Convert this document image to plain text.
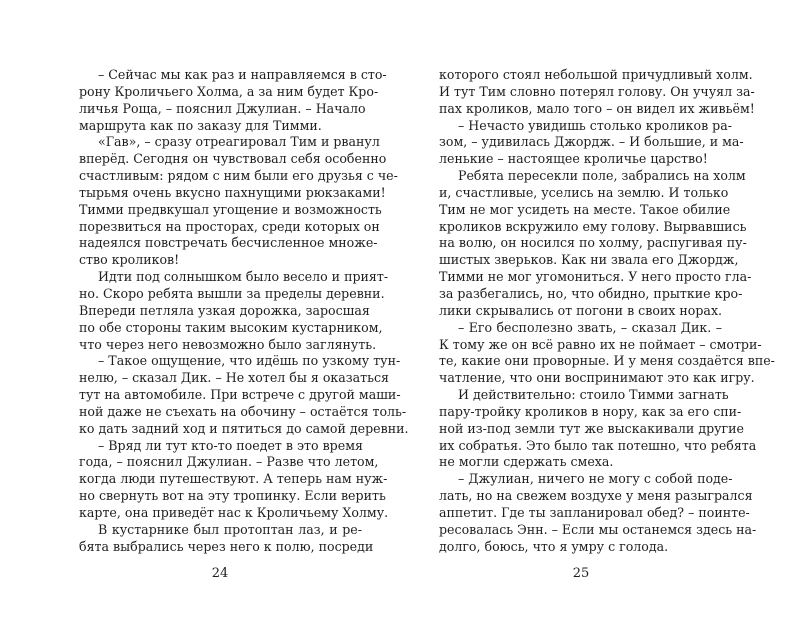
– Сейчас мы как раз и направляемся в сто-
рону Кроличьего Холма, а за ним будет Кро-
личья Роща, – пояснил Джулиан. – Начало
маршрута как по заказу для Тимми.
«Гав», – сразу отреагировал Тим и рванул
вперёд. Сегодня он чувствовал себя особенно
счастливым: рядом с ним были его друзья с че-
тырьмя очень вкусно пахнущими рюкзаками!
Тимми предвкушал угощение и возможность
порезвиться на просторах, среди которых он
надеялся повстречать бесчисленное множе-
ство кроликов!
Идти под солнышком было весело и прият-
но. Скоро ребята вышли за пределы деревни.
Впереди петляла узкая дорожка, заросшая
по обе стороны таким высоким кустарником,
что через него невозможно было заглянуть.
– Такое ощущение, что идёшь по узкому тун-
нелю, – сказал Дик. – Не хотел бы я оказаться
тут на автомобиле. При встрече с другой маши-
ной даже не съехать на обочину – остаётся толь-
ко дать задний ход и пятиться до самой деревни.
– Вряд ли тут кто-то поедет в это время
года, – пояснил Джулиан. – Разве что летом,
когда люди путешествуют. А теперь нам нуж-
но свернуть вот на эту тропинку. Если верить
карте, она приведёт нас к Кроличьему Холму.
В кустарнике был протоптан лаз, и ре-
бята выбрались через него к полю, посреди
которого стоял небольшой причудливый холм.
И тут Тим словно потерял голову. Он учуял за-
пах кроликов, мало того – он видел их живьём!
– Нечасто увидишь столько кроликов ра-
зом, – удивилась Джордж. – И большие, и ма-
ленькие – настоящее кроличье царство!
Ребята пересекли поле, забрались на холм
и, счастливые, уселись на землю. И только
Тим не мог усидеть на месте. Такое обилие
кроликов вскружило ему голову. Вырвавшись
на волю, он носился по холму, распугивая пу-
шистых зверьков. Как ни звала его Джордж,
Тимми не мог угомониться. У него просто гла-
за разбегались, но, что обидно, прыткие кро-
лики скрывались от погони в своих норах.
– Его бесполезно звать, – сказал Дик. –
К тому же он всё равно их не поймает – смотри-
те, какие они проворные. И у меня создаётся впе-
чатление, что они воспринимают это как игру.
И действительно: стоило Тимми загнать
пару-тройку кроликов в нору, как за его спи-
ной из-под земли тут же выскакивали другие
их собратья. Это было так потешно, что ребята
не могли сдержать смеха.
– Джулиан, ничего не могу с собой поде-
лать, но на свежем воздухе у меня разыгрался
аппетит. Где ты запланировал обед? – поинте-
ресовалась Энн. – Если мы останемся здесь на-
долго, боюсь, что я умру с голода.
24	25
